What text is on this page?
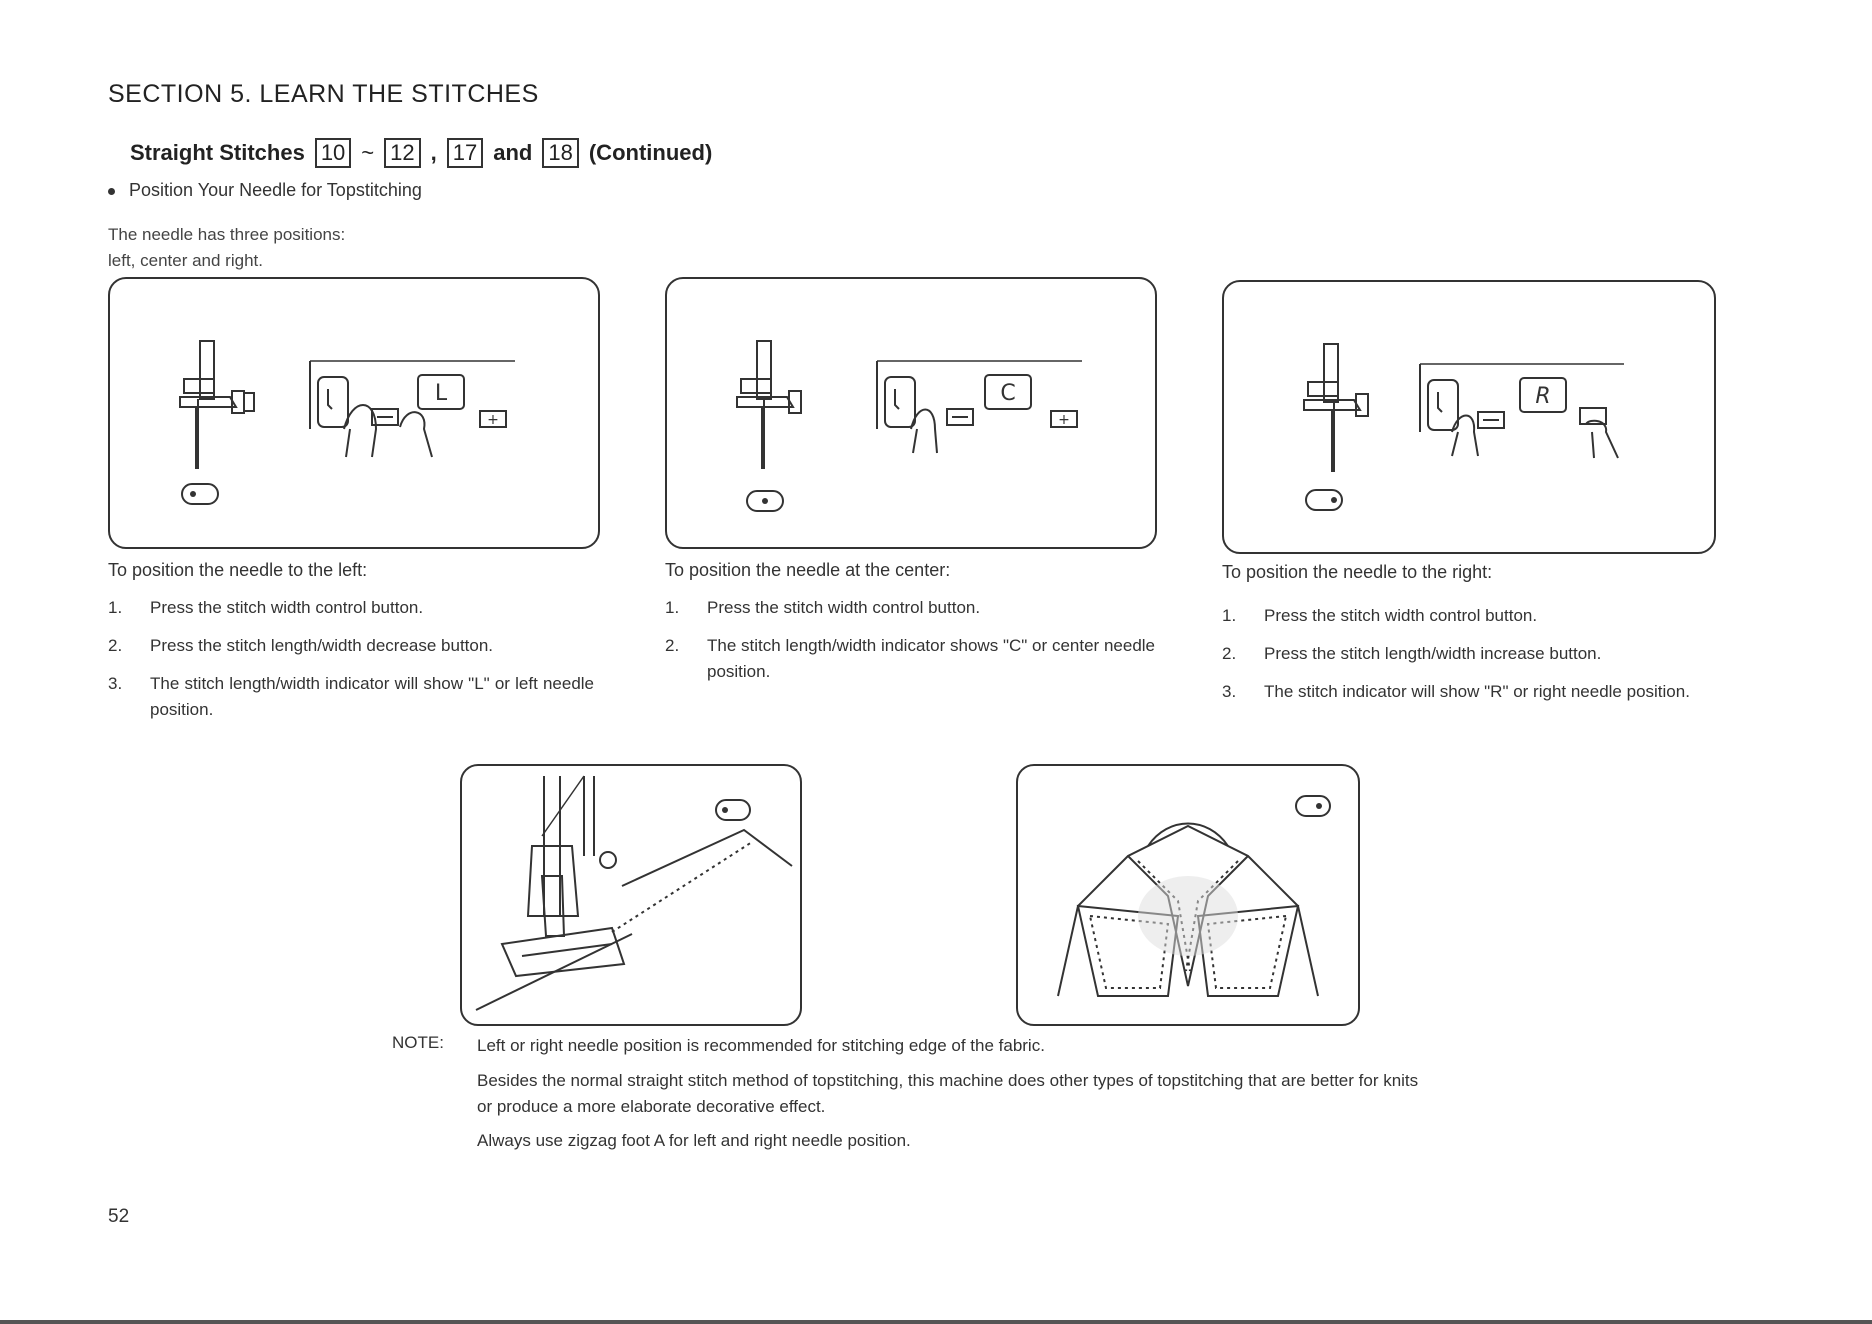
SECTION 5. LEARN THE STITCHES
Straight Stitches 10 ~ 12 , 17 and 18 (Continued)
Position Your Needle for Topstitching
The needle has three positions:
left, center and right.
+
L
+
C	R
To position the needle to the left:
1.	Press the stitch width control button.
2.	Press the stitch length/width decrease button.
3.	The stitch length/width indicator will show "L" or left needle position.
To position the needle at the center:
1.	Press the stitch width control button.
2.	The stitch length/width indicator shows "C" or center needle position.
To position the needle to the right:
1.	Press the stitch width control button.
2.	Press the stitch length/width increase button.
3.	The stitch indicator will show "R" or right needle position.
NOTE: Left or right needle position is recommended for stitching edge of the fabric.
Besides the normal straight stitch method of topstitching, this machine does other types of topstitching that are better for knits or produce a more elaborate decorative effect.
Always use zigzag foot A for left and right needle position.
52
